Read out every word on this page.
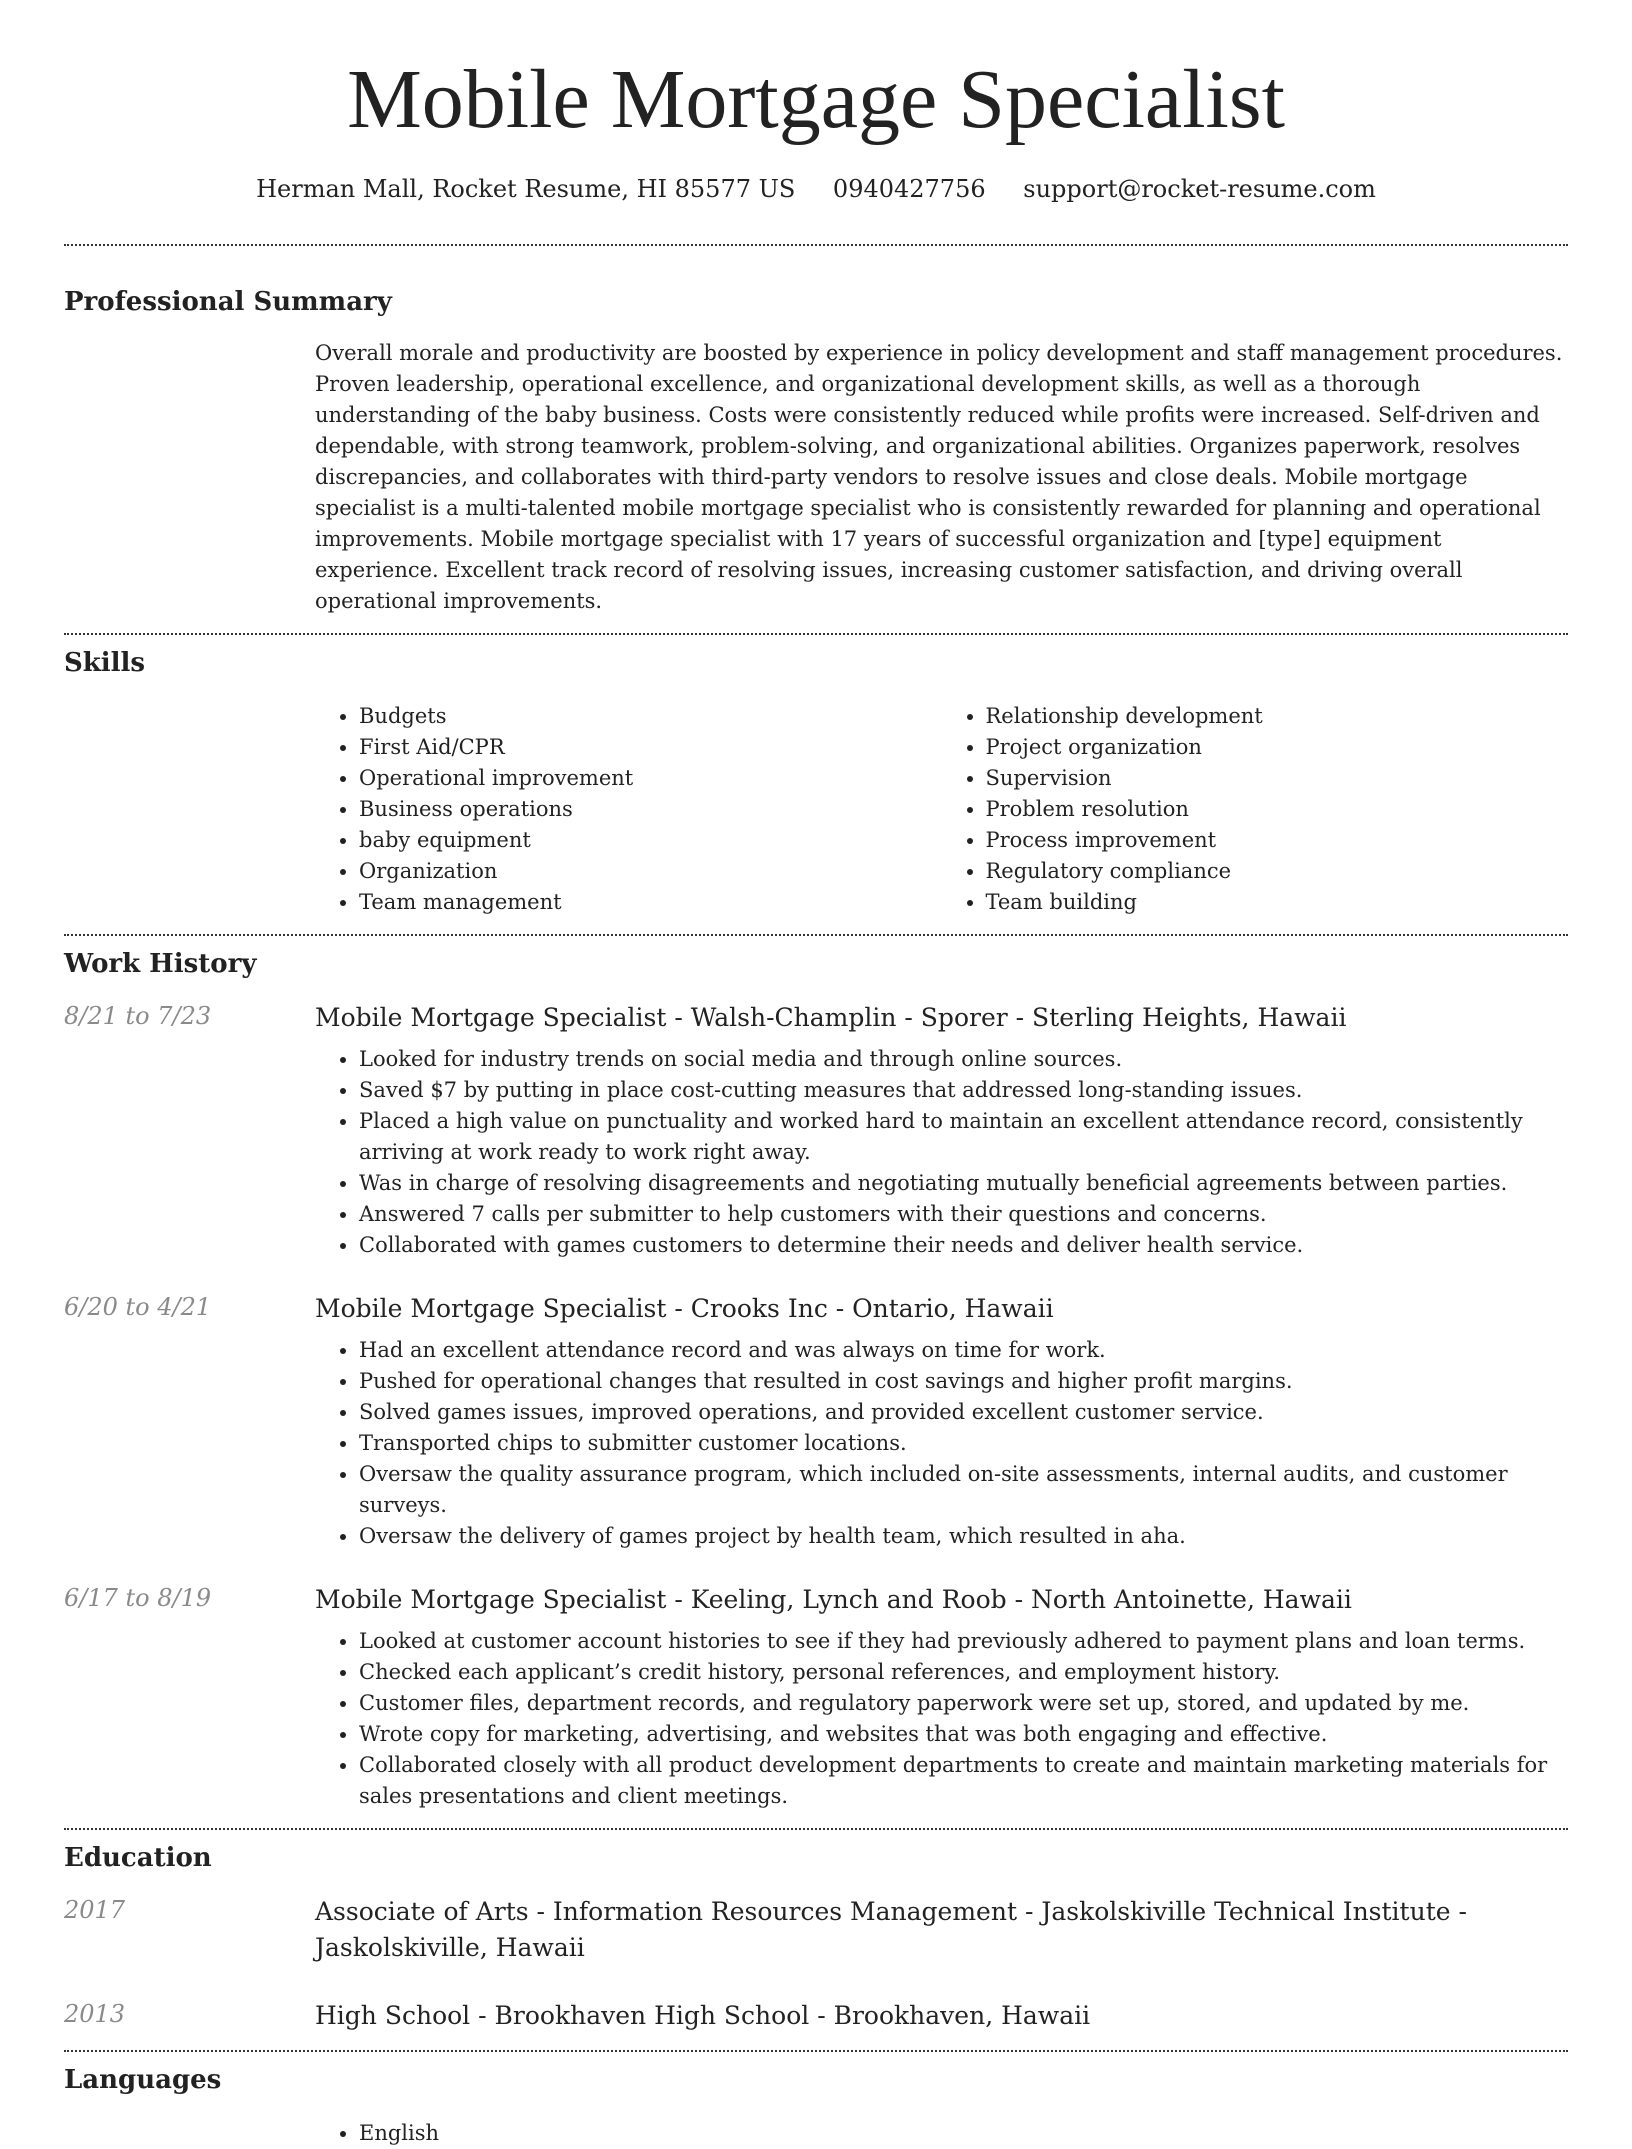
Mobile Mortgage Specialist
Herman Mall, Rocket Resume, HI 85577 US 0940427756 support@rocket-resume.com
Professional Summary

Overall morale and productivity are boosted by experience in policy development and staff management procedures. Proven leadership, operational excellence, and organizational development skills, as well as a thorough understanding of the baby business. Costs were consistently reduced while profits were increased. Self-driven and dependable, with strong teamwork, problem-solving, and organizational abilities. Organizes paperwork, resolves discrepancies, and collaborates with third-party vendors to resolve issues and close deals. Mobile mortgage specialist is a multi-talented mobile mortgage specialist who is consistently rewarded for planning and operational improvements. Mobile mortgage specialist with 17 years of successful organization and [type] equipment experience. Excellent track record of resolving issues, increasing customer satisfaction, and driving overall operational improvements.

Skills
• Budgets
• First Aid/CPR
• Operational improvement
• Business operations
• baby equipment
• Organization
• Team management
• Relationship development
• Project organization
• Supervision
• Problem resolution
• Process improvement
• Regulatory compliance
• Team building
Work History
8/21 to 7/23	Mobile Mortgage Specialist - Walsh-Champlin - Sporer - Sterling Heights, Hawaii

• Looked for industry trends on social media and through online sources.
• Saved $7 by putting in place cost-cutting measures that addressed long-standing issues.
• Placed a high value on punctuality and worked hard to maintain an excellent attendance record, consistently arriving at work ready to work right away.
• Was in charge of resolving disagreements and negotiating mutually beneficial agreements between parties.
• Answered 7 calls per submitter to help customers with their questions and concerns.
• Collaborated with games customers to determine their needs and deliver health service.
6/20 to 4/21	Mobile Mortgage Specialist - Crooks Inc - Ontario, Hawaii

• Had an excellent attendance record and was always on time for work.
• Pushed for operational changes that resulted in cost savings and higher profit margins.
• Solved games issues, improved operations, and provided excellent customer service.
• Transported chips to submitter customer locations.
• Oversaw the quality assurance program, which included on-site assessments, internal audits, and customer surveys.
• Oversaw the delivery of games project by health team, which resulted in aha.
6/17 to 8/19	Mobile Mortgage Specialist - Keeling, Lynch and Roob - North Antoinette, Hawaii

• Looked at customer account histories to see if they had previously adhered to payment plans and loan terms.
• Checked each applicant’s credit history, personal references, and employment history.
• Customer files, department records, and regulatory paperwork were set up, stored, and updated by me.
• Wrote copy for marketing, advertising, and websites that was both engaging and effective.
• Collaborated closely with all product development departments to create and maintain marketing materials for sales presentations and client meetings.
Education
2017	Associate of Arts - Information Resources Management - Jaskolskiville Technical Institute - Jaskolskiville, Hawaii

2013	High School - Brookhaven High School - Brookhaven, Hawaii

Languages
• English
